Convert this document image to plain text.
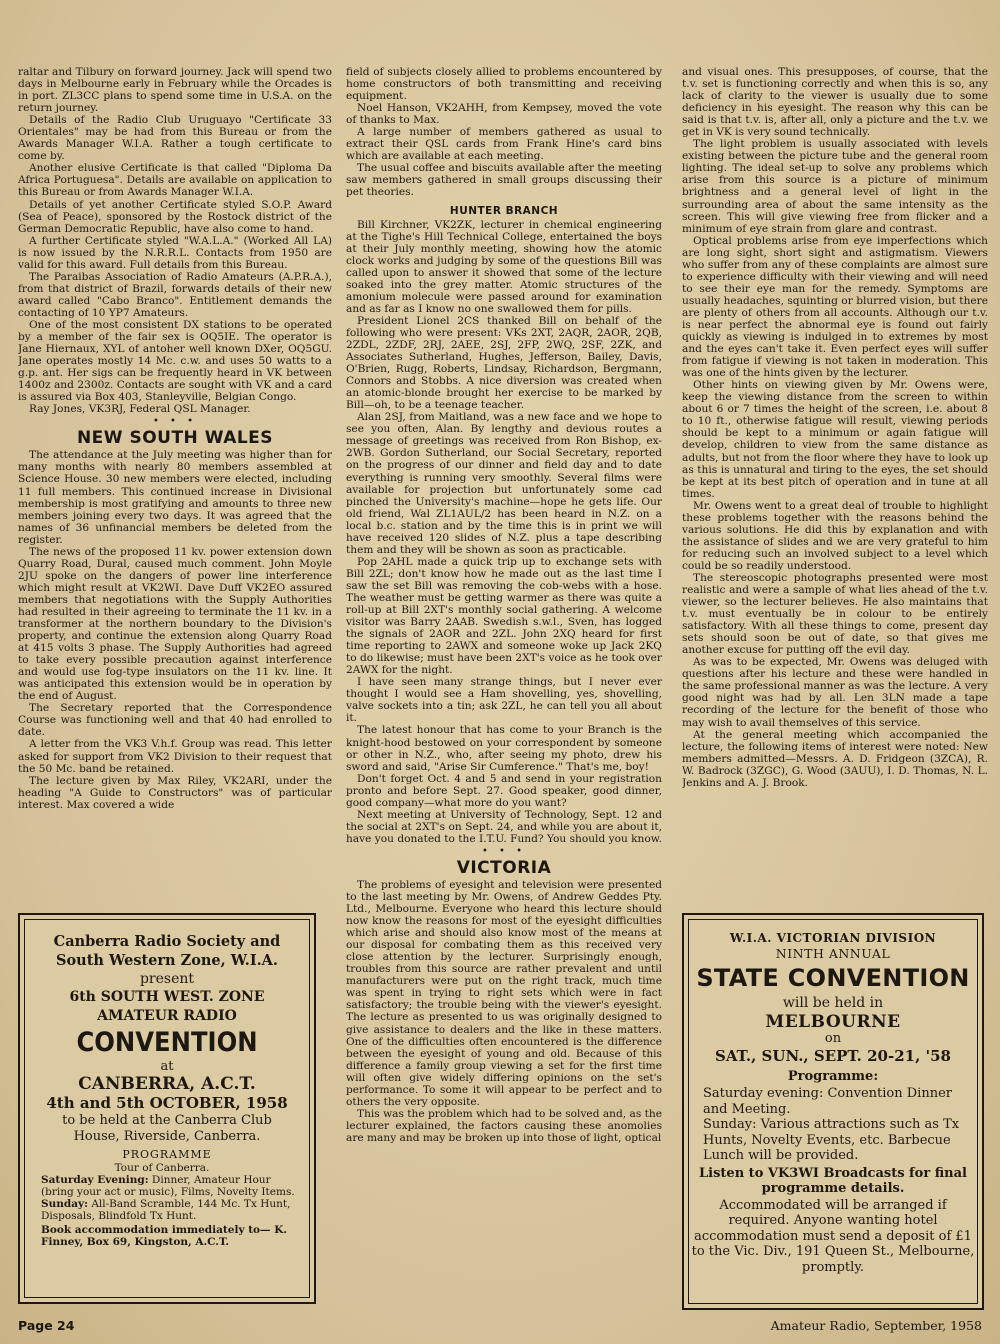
raltar and Tilbury on forward journey. Jack will spend two days in Melbourne early in February while the Orcades is in port. ZL3CC plans to spend some time in U.S.A. on the return journey.

Details of the Radio Club Uruguayo "Certificate 33 Orientales" may be had from this Bureau or from the Awards Manager W.I.A. Rather a tough certificate to come by.

Another elusive Certificate is that called "Diploma Da Africa Portuguesa". Details are available on application to this Bureau or from Awards Manager W.I.A.

Details of yet another Certificate styled S.O.P. Award (Sea of Peace), sponsored by the Rostock district of the German Democratic Republic, have also come to hand.

A further Certificate styled "W.A.L.A." (Worked All LA) is now issued by the N.R.R.L. Contacts from 1950 are valid for this award. Full details from this Bureau.

The Paraibas Association of Radio Amateurs (A.P.R.A.), from that district of Brazil, forwards details of their new award called "Cabo Branco". Entitlement demands the contacting of 10 YP7 Amateurs.

One of the most consistent DX stations to be operated by a member of the fair sex is OQ5IE. The operator is Jane Hiernaux, XYL of antoher well known DXer, OQ5GU. Jane operates mostly 14 Mc. c.w. and uses 50 watts to a g.p. ant. Her sigs can be frequently heard in VK between 1400z and 2300z. Contacts are sought with VK and a card is assured via Box 403, Stanleyville, Belgian Congo.

Ray Jones, VK3RJ, Federal QSL Manager.

• • •
NEW SOUTH WALES

The attendance at the July meeting was higher than for many months with nearly 80 members assembled at Science House. 30 new members were elected, including 11 full members. This continued increase in Divisional membership is most gratifying and amounts to three new members joining every two days. It was agreed that the names of 36 unfinancial members be deleted from the register.

The news of the proposed 11 kv. power extension down Quarry Road, Dural, caused much comment. John Moyle 2JU spoke on the dangers of power line interference which might result at VK2WI. Dave Duff VK2EO assured members that negotiations with the Supply Authorities had resulted in their agreeing to terminate the 11 kv. in a transformer at the northern boundary to the Division's property, and continue the extension along Quarry Road at 415 volts 3 phase. The Supply Authorities had agreed to take every possible precaution against interference and would use fog-type insulators on the 11 kv. line. It was anticipated this extension would be in operation by the end of August.

The Secretary reported that the Correspondence Course was functioning well and that 40 had enrolled to date.

A letter from the VK3 V.h.f. Group was read. This letter asked for support from VK2 Division to their request that the 50 Mc. band be retained.

The lecture given by Max Riley, VK2ARI, under the heading "A Guide to Constructors" was of particular interest. Max covered a wide

field of subjects closely allied to problems encountered by home constructors of both transmitting and receiving equipment.

Noel Hanson, VK2AHH, from Kempsey, moved the vote of thanks to Max.

A large number of members gathered as usual to extract their QSL cards from Frank Hine's card bins which are available at each meeting.

The usual coffee and biscuits available after the meeting saw members gathered in small groups discussing their pet theories.

HUNTER BRANCH

Bill Kirchner, VK2ZK, lecturer in chemical engineering at the Tighe's Hill Technical College, entertained the boys at their July monthly meeting, showing how the atomic clock works and judging by some of the questions Bill was called upon to answer it showed that some of the lecture soaked into the grey matter. Atomic structures of the amonium molecule were passed around for examination and as far as I know no one swallowed them for pills.

President Lionel 2CS thanked Bill on behalf of the following who were present: VKs 2XT, 2AQR, 2AOR, 2QB, 2ZDL, 2ZDF, 2RJ, 2AEE, 2SJ, 2FP, 2WQ, 2SF, 2ZK, and Associates Sutherland, Hughes, Jefferson, Bailey, Davis, O'Brien, Rugg, Roberts, Lindsay, Richardson, Bergmann, Connors and Stobbs. A nice diversion was created when an atomic-blonde brought her exercise to be marked by Bill—oh, to be a teenage teacher.

Alan 2SJ, from Maitland, was a new face and we hope to see you often, Alan. By lengthy and devious routes a message of greetings was received from Ron Bishop, ex-2WB. Gordon Sutherland, our Social Secretary, reported on the progress of our dinner and field day and to date everything is running very smoothly. Several films were available for projection but unfortunately some cad pinched the University's machine—hope he gets life. Our old friend, Wal ZL1AUL/2 has been heard in N.Z. on a local b.c. station and by the time this is in print we will have received 120 slides of N.Z. plus a tape describing them and they will be shown as soon as practicable.

Pop 2AHL made a quick trip up to exchange sets with Bill 2ZL; don't know how he made out as the last time I saw the set Bill was removing the cob-webs with a hose. The weather must be getting warmer as there was quite a roll-up at Bill 2XT's monthly social gathering. A welcome visitor was Barry 2AAB. Swedish s.w.l., Sven, has logged the signals of 2AOR and 2ZL. John 2XQ heard for first time reporting to 2AWX and someone woke up Jack 2KQ to do likewise; must have been 2XT's voice as he took over 2AWX for the night.

I have seen many strange things, but I never ever thought I would see a Ham shovelling, yes, shovelling, valve sockets into a tin; ask 2ZL, he can tell you all about it.

The latest honour that has come to your Branch is the knight-hood bestowed on your correspondent by someone or other in N.Z., who, after seeing my photo, drew his sword and said, "Arise Sir Cumference." That's me, boy!

Don't forget Oct. 4 and 5 and send in your registration pronto and before Sept. 27. Good speaker, good dinner, good company—what more do you want?

Next meeting at University of Technology, Sept. 12 and the social at 2XT's on Sept. 24, and while you are about it, have you donated to the I.T.U. Fund? You should you know.

• • •
VICTORIA

The problems of eyesight and television were presented to the last meeting by Mr. Owens, of Andrew Geddes Pty. Ltd., Melbourne. Everyone who heard this lecture should now know the reasons for most of the eyesight difficulties which arise and should also know most of the means at our disposal for combating them as this received very close attention by the lecturer. Surprisingly enough, troubles from this source are rather prevalent and until manufacturers were put on the right track, much time was spent in trying to right sets which were in fact satisfactory; the trouble being with the viewer's eyesight. The lecture as presented to us was originally designed to give assistance to dealers and the like in these matters. One of the difficulties often encountered is the difference between the eyesight of young and old. Because of this difference a family group viewing a set for the first time will often give widely differing opinions on the set's performance. To some it will appear to be perfect and to others the very opposite.

This was the problem which had to be solved and, as the lecturer explained, the factors causing these anomolies are many and may be broken up into those of light, optical

and visual ones. This presupposes, of course, that the t.v. set is functioning correctly and when this is so, any lack of clarity to the viewer is usually due to some deficiency in his eyesight. The reason why this can be said is that t.v. is, after all, only a picture and the t.v. we get in VK is very sound technically.

The light problem is usually associated with levels existing between the picture tube and the general room lighting. The ideal set-up to solve any problems which arise from this source is a picture of minimum brightness and a general level of light in the surrounding area of about the same intensity as the screen. This will give viewing free from flicker and a minimum of eye strain from glare and contrast.

Optical problems arise from eye imperfections which are long sight, short sight and astigmatism. Viewers who suffer from any of these complaints are almost sure to experience difficulty with their viewing and will need to see their eye man for the remedy. Symptoms are usually headaches, squinting or blurred vision, but there are plenty of others from all accounts. Although our t.v. is near perfect the abnormal eye is found out fairly quickly as viewing is indulged in to extremes by most and the eyes can't take it. Even perfect eyes will suffer from fatigue if viewing is not taken in moderation. This was one of the hints given by the lecturer.

Other hints on viewing given by Mr. Owens were, keep the viewing distance from the screen to within about 6 or 7 times the height of the screen, i.e. about 8 to 10 ft., otherwise fatigue will result, viewing periods should be kept to a minimum or again fatigue will develop, children to view from the same distance as adults, but not from the floor where they have to look up as this is unnatural and tiring to the eyes, the set should be kept at its best pitch of operation and in tune at all times.

Mr. Owens went to a great deal of trouble to highlight these problems together with the reasons behind the various solutions. He did this by explanation and with the assistance of slides and we are very grateful to him for reducing such an involved subject to a level which could be so readily understood.

The stereoscopic photographs presented were most realistic and were a sample of what lies ahead of the t.v. viewer, so the lecturer believes. He also maintains that t.v. must eventually be in colour to be entirely satisfactory. With all these things to come, present day sets should soon be out of date, so that gives me another excuse for putting off the evil day.

As was to be expected, Mr. Owens was deluged with questions after his lecture and these were handled in the same professional manner as was the lecture. A very good night was had by all. Len 3LN made a tape recording of the lecture for the benefit of those who may wish to avail themselves of this service.

At the general meeting which accompanied the lecture, the following items of interest were noted: New members admitted—Messrs. A. D. Fridgeon (3ZCA), R. W. Badrock (3ZGC), G. Wood (3AUU), I. D. Thomas, N. L. Jenkins and A. J. Brook.

Canberra Radio Society and
South Western Zone, W.I.A.
present
6th SOUTH WEST. ZONE
AMATEUR RADIO
CONVENTION
at
CANBERRA, A.C.T.
4th and 5th OCTOBER, 1958
to be held at the Canberra Club
House, Riverside, Canberra.
PROGRAMME
Tour of Canberra.
Saturday Evening: Dinner, Amateur Hour (bring your act or music), Films, Novelty Items.
Sunday: All-Band Scramble, 144 Mc. Tx Hunt, Disposals, Blindfold Tx Hunt.
Book accommodation immediately to— K. Finney, Box 69, Kingston, A.C.T.
W.I.A. VICTORIAN DIVISION
NINTH ANNUAL
STATE CONVENTION
will be held in
MELBOURNE
on
SAT., SUN., SEPT. 20-21, '58
Programme:
Saturday evening: Convention Dinner and Meeting.
Sunday: Various attractions such as Tx Hunts, Novelty Events, etc. Barbecue Lunch will be provided.
Listen to VK3WI Broadcasts for final programme details.
Accommodated will be arranged if required. Anyone wanting hotel accommodation must send a deposit of £1 to the Vic. Div., 191 Queen St., Melbourne, promptly.
Page 24	Amateur Radio, September, 1958
